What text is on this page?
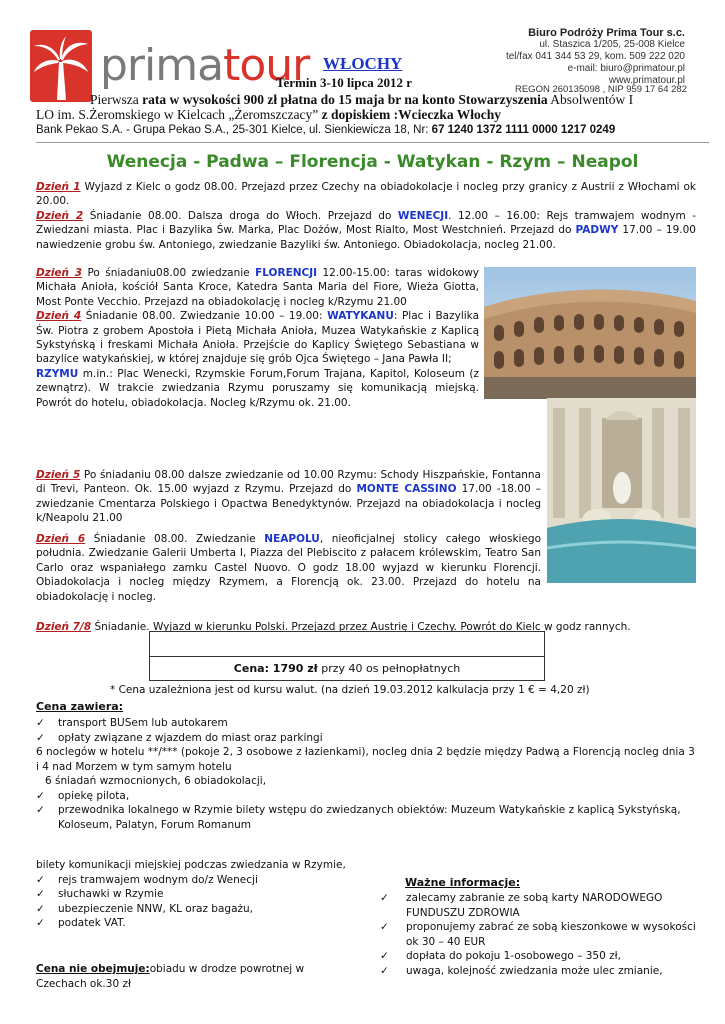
primatour
Biuro Podróży Prima Tour s.c.
ul. Staszica 1/205, 25-008 Kielce
tel/fax 041 344 53 29, kom. 509 222 020
e-mail: biuro@primatour.pl
www.primatour.pl
REGON 260135098 , NIP 959 17 64 282
WŁOCHY
Termin 3-10 lipca 2012 r
Pierwsza rata w wysokości 900 zł płatna do 15 maja br na konto Stowarzyszenia Absolwentów I
LO im. S.Żeromskiego w Kielcach „Żeromszczacy” z dopiskiem :Wcieczka Włochy
Bank Pekao S.A. - Grupa Pekao S.A., 25-301 Kielce, ul. Sienkiewicza 18, Nr: 67 1240 1372 1111 0000 1217 0249
Wenecja - Padwa – Florencja - Watykan - Rzym – Neapol
Dzień 1 Wyjazd z Kielc o godz 08.00. Przejazd przez Czechy na obiadokolacje i nocleg przy granicy z Austrii z Włochami ok 20.00.
Dzień 2 Śniadanie 08.00. Dalsza droga do Włoch. Przejazd do WENECJI. 12.00 – 16.00: Rejs tramwajem wodnym - Zwiedzani miasta. Plac i Bazylika Św. Marka, Plac Dożów, Most Rialto, Most Westchnień. Przejazd do PADWY 17.00 – 19.00 nawiedzenie grobu św. Antoniego, zwiedzanie Bazyliki św. Antoniego. Obiadokolacja, nocleg 21.00.
Dzień 3 Po śniadaniu08.00 zwiedzanie FLORENCJI 12.00-15.00: taras widokowy Michała Anioła, kościół Santa Kroce, Katedra Santa Maria del Fiore, Wieża Giotta, Most Ponte Vecchio. Przejazd na obiadokolację i nocleg k/Rzymu 21.00
Dzień 4 Śniadanie 08.00. Zwiedzanie 10.00 – 19.00: WATYKANU: Plac i Bazylika Św. Piotra z grobem Apostoła i Pietą Michała Anioła, Muzea Watykańskie z Kaplicą Sykstyńską i freskami Michała Anioła. Przejście do Kaplicy Świętego Sebastiana w bazylice watykańskiej, w której znajduje się grób Ojca Świętego – Jana Pawła II;
RZYMU m.in.: Plac Wenecki, Rzymskie Forum,Forum Trajana, Kapitol, Koloseum (z zewnątrz). W trakcie zwiedzania Rzymu poruszamy się komunikacją miejską. Powrót do hotelu, obiadokolacja. Nocleg k/Rzymu ok. 21.00.
Dzień 5 Po śniadaniu 08.00 dalsze zwiedzanie od 10.00 Rzymu: Schody Hiszpańskie, Fontanna di Trevi, Panteon. Ok. 15.00 wyjazd z Rzymu. Przejazd do MONTE CASSINO 17.00 -18.00 – zwiedzanie Cmentarza Polskiego i Opactwa Benedyktynów. Przejazd na obiadokolacja i nocleg k/Neapolu 21.00
Dzień 6 Śniadanie 08.00. Zwiedzanie NEAPOLU, nieoficjalnej stolicy całego włoskiego południa. Zwiedzanie Galerii Umberta I, Piazza del Plebiscito z pałacem królewskim, Teatro San Carlo oraz wspaniałego zamku Castel Nuovo. O godz 18.00 wyjazd w kierunku Florencji. Obiadokolacja i nocleg między Rzymem, a Florencją ok. 23.00. Przejazd do hotelu na obiadokolację i nocleg.
Dzień 7/8 Śniadanie. Wyjazd w kierunku Polski. Przejazd przez Austrię i Czechy. Powrót do Kielc w godz rannych.
Cena: 1790 zł przy 40 os pełnopłatnych
* Cena uzależniona jest od kursu walut. (na dzień 19.03.2012 kalkulacja przy 1 € = 4,20 zł)
Cena zawiera:
✓ transport BUSem lub autokarem
✓ opłaty związane z wjazdem do miast oraz parkingi
6 noclegów w hotelu **/*** (pokoje 2, 3 osobowe z łazienkami), nocleg dnia 2 będzie między Padwą a Florencją nocleg dnia 3 i 4 nad Morzem w tym samym hotelu
6 śniadań wzmocnionych, 6 obiadokolacji,
✓ opiekę pilota,
✓ przewodnika lokalnego w Rzymie bilety wstępu do zwiedzanych obiektów: Muzeum Watykańskie z kaplicą Sykstyńską, Koloseum, Palatyn, Forum Romanum
bilety komunikacji miejskiej podczas zwiedzania w Rzymie,
✓ rejs tramwajem wodnym do/z Wenecji
✓ słuchawki w Rzymie
✓ ubezpieczenie NNW, KL oraz bagażu,
✓ podatek VAT.
Cena nie obejmuje:obiadu w drodze powrotnej w Czechach ok.30 zł
Ważne informacje:
✓ zalecamy zabranie ze sobą karty NARODOWEGO FUNDUSZU ZDROWIA
✓ proponujemy zabrać ze sobą kieszonkowe w wysokości ok 30 – 40 EUR
✓ dopłata do pokoju 1-osobowego – 350 zł,
✓ uwaga, kolejność zwiedzania może ulec zmianie,
